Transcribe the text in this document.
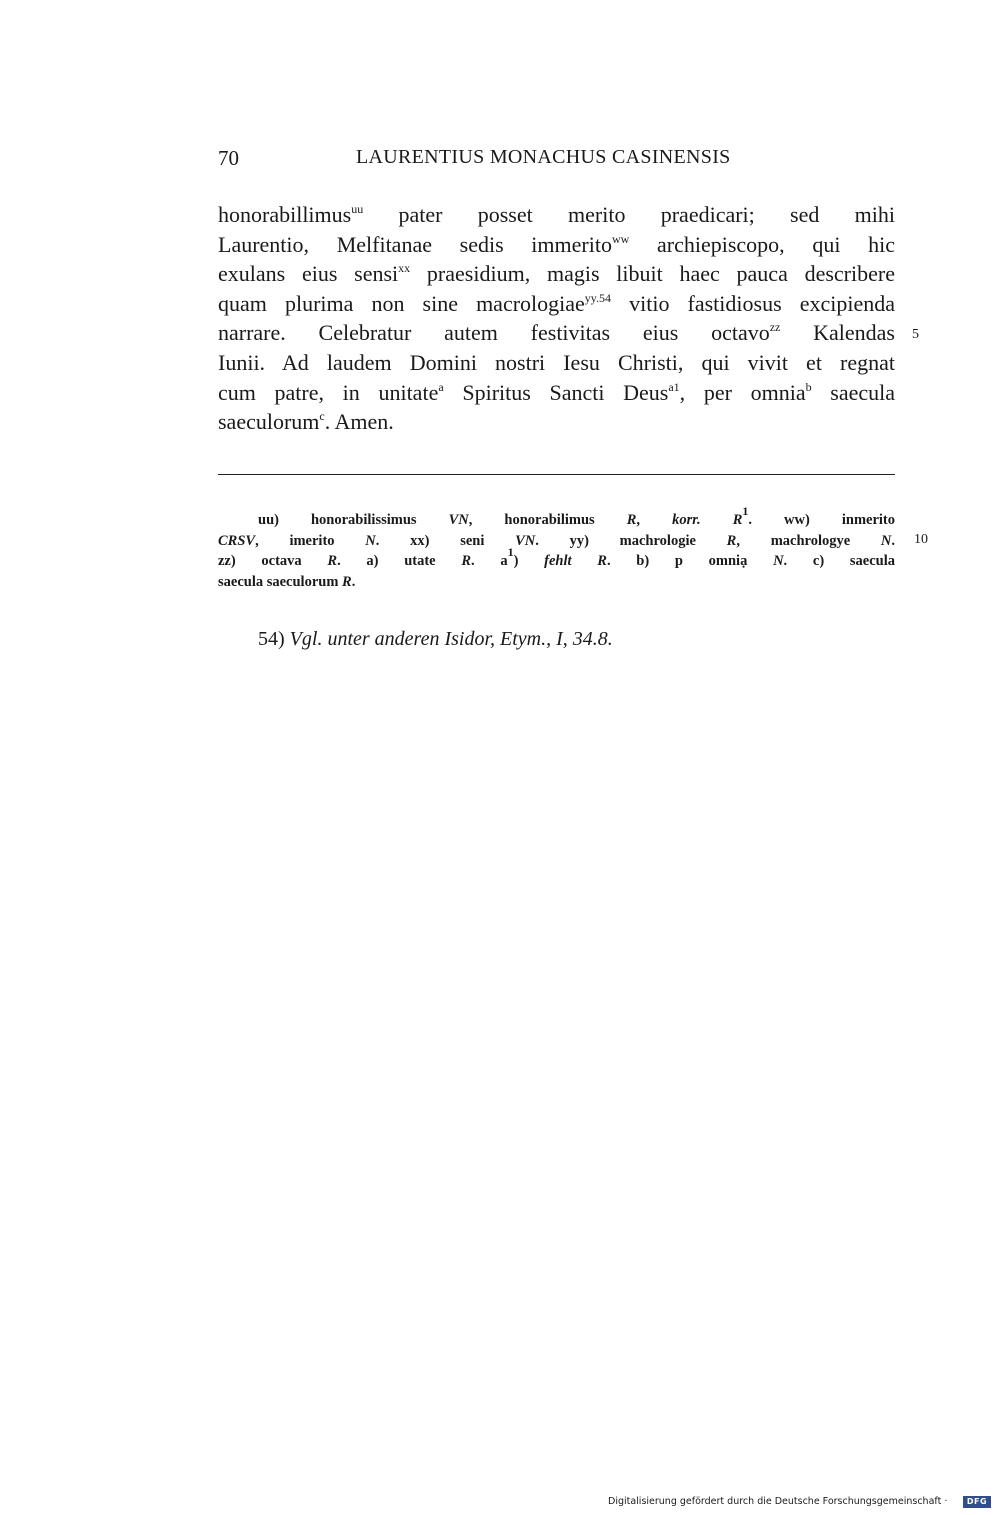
70	LAURENTIUS MONACHUS CASINENSIS
honorabillimus$^{uu}$ pater posset merito praedicari; sed mihi
Laurentio, Melfitanae sedis immerito$^{ww}$ archiepiscopo, qui hic
exulans eius sensi$^{xx}$ praesidium, magis libuit haec pauca describere
quam plurima non sine macrologiae$^{yy.54}$ vitio fastidiosus excipienda
narrare. Celebratur autem festivitas eius octavo$^{zz}$ Kalendas
Iunii. Ad laudem Domini nostri Iesu Christi, qui vivit et regnat
cum patre, in unitate$^a$ Spiritus Sancti Deus$^{a1}$, per omnia$^b$ saecula
saeculorum$^c$. Amen.
5
uu) honorabilissimus VN, honorabilimus R, korr. $R^1$. ww) inmerito
CRSV, imerito N. xx) seni VN. yy) machrologie R, machrologye N.
zz) octava R. a) utate R. $a^1$) fehlt R. b) p omniạ N. c) saecula
saecula saeculorum R.
10
54) Vgl. unter anderen Isidor, Etym., I, 34.8.
Digitalisierung gefördert durch die Deutsche Forschungsgemeinschaft ·	DFG
